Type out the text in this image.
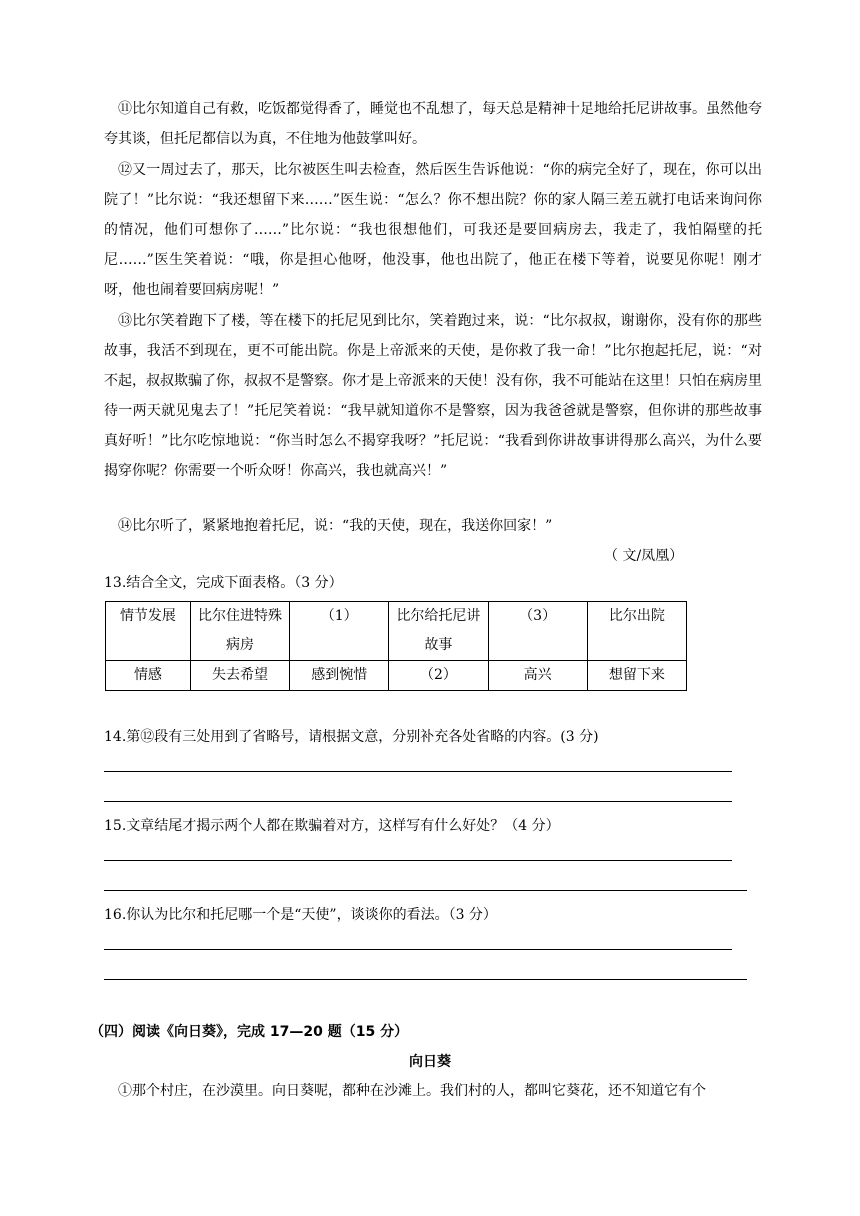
⑪比尔知道自己有救，吃饭都觉得香了，睡觉也不乱想了，每天总是精神十足地给托尼讲故事。虽然他夸夸其谈，但托尼都信以为真，不住地为他鼓掌叫好。

⑫又一周过去了，那天，比尔被医生叫去检查，然后医生告诉他说：“你的病完全好了，现在，你可以出院了！”比尔说：“我还想留下来……”医生说：“怎么？你不想出院？你的家人隔三差五就打电话来询问你的情况，他们可想你了……”比尔说：“我也很想他们，可我还是要回病房去，我走了，我怕隔壁的托尼……”医生笑着说：“哦，你是担心他呀，他没事，他也出院了，他正在楼下等着，说要见你呢！刚才呀，他也闹着要回病房呢！”

⑬比尔笑着跑下了楼，等在楼下的托尼见到比尔，笑着跑过来，说：“比尔叔叔，谢谢你，没有你的那些故事，我活不到现在，更不可能出院。你是上帝派来的天使，是你救了我一命！”比尔抱起托尼，说：“对不起，叔叔欺骗了你，叔叔不是警察。你才是上帝派来的天使！没有你，我不可能站在这里！只怕在病房里待一两天就见鬼去了！”托尼笑着说：“我早就知道你不是警察，因为我爸爸就是警察，但你讲的那些故事真好听！”比尔吃惊地说：“你当时怎么不揭穿我呀？”托尼说：“我看到你讲故事讲得那么高兴，为什么要揭穿你呢？你需要一个听众呀！你高兴，我也就高兴！”

⑭比尔听了，紧紧地抱着托尼，说：“我的天使，现在，我送你回家！”

（ 文/凤凰）
13.结合全文，完成下面表格。（3 分）
情节发展	比尔住进特殊病房	（1）	比尔给托尼讲故事	（3）	比尔出院
情感	失去希望	感到惋惜	（2）	高兴	想留下来
14.第⑫段有三处用到了省略号，请根据文意，分别补充各处省略的内容。(3 分)
15.文章结尾才揭示两个人都在欺骗着对方，这样写有什么好处？（4 分）
16.你认为比尔和托尼哪一个是“天使”，谈谈你的看法。（3 分）
（四）阅读《向日葵》，完成 17—20 题（15 分）
向日葵

①那个村庄，在沙漠里。向日葵呢，都种在沙滩上。我们村的人，都叫它葵花，还不知道它有个
